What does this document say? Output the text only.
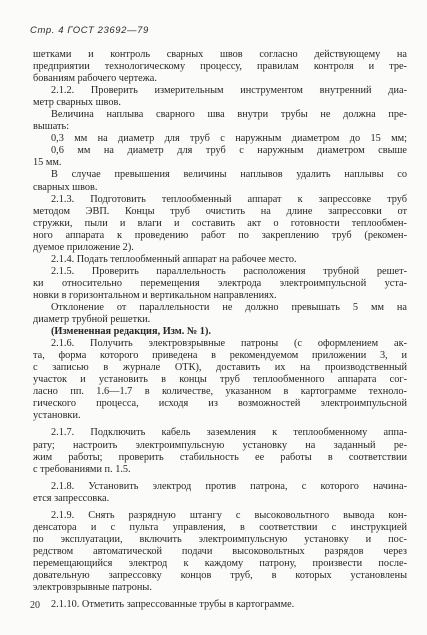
Стр. 4 ГОСТ 23692—79
шетками и контроль сварных швов согласно действующему на
предприятии технологическому процессу, правилам контроля и тре-
бованиям рабочего чертежа.
2.1.2. Проверить измерительным инструментом внутренний диа-
метр сварных швов.
Величина наплыва сварного шва внутри трубы не должна пре-
вышать:
0,3 мм на диаметр для труб с наружным диаметром до 15 мм;
0,6 мм на диаметр для труб с наружным диаметром свыше
15 мм.
В случае превышения величины наплывов удалить наплывы со
сварных швов.
2.1.3. Подготовить теплообменный аппарат к запрессовке труб
методом ЭВП. Концы труб очистить на длине запрессовки от
стружки, пыли и влаги и составить акт о готовности теплообмен-
ного аппарата к проведению работ по закреплению труб (рекомен-
дуемое приложение 2).
2.1.4. Подать теплообменный аппарат на рабочее место.
2.1.5. Проверить параллельность расположения трубной решет-
ки относительно перемещения электрода электроимпульсной уста-
новки в горизонтальном и вертикальном направлениях.
Отклонение от параллельности не должно превышать 5 мм на
диаметр трубной решетки.
(Измененная редакция, Изм. № 1).
2.1.6. Получить электровзрывные патроны (с оформлением ак-
та, форма которого приведена в рекомендуемом приложении 3, и
с записью в журнале ОТК), доставить их на производственный
участок и установить в концы труб теплообменного аппарата сог-
ласно пп. 1.6—1.7 в количестве, указанном в картограмме техноло-
гического процесса, исходя из возможностей электроимпульсной
установки.
2.1.7. Подключить кабель заземления к теплообменному аппа-
рату; настроить электроимпульсную установку на заданный ре-
жим работы; проверить стабильность ее работы в соответствии
с требованиями п. 1.5.
2.1.8. Установить электрод против патрона, с которого начина-
ется запрессовка.
2.1.9. Снять разрядную штангу с высоковольтного вывода кон-
денсатора и с пульта управления, в соответствии с инструкцией
по эксплуатации, включить электроимпульсную установку и пос-
редством автоматической подачи высоковольтных разрядов через
перемещающийся электрод к каждому патрону, произвести после-
довательную запрессовку концов труб, в которых установлены
электровзрывные патроны.
2.1.10. Отметить запрессованные трубы в картограмме.
20
